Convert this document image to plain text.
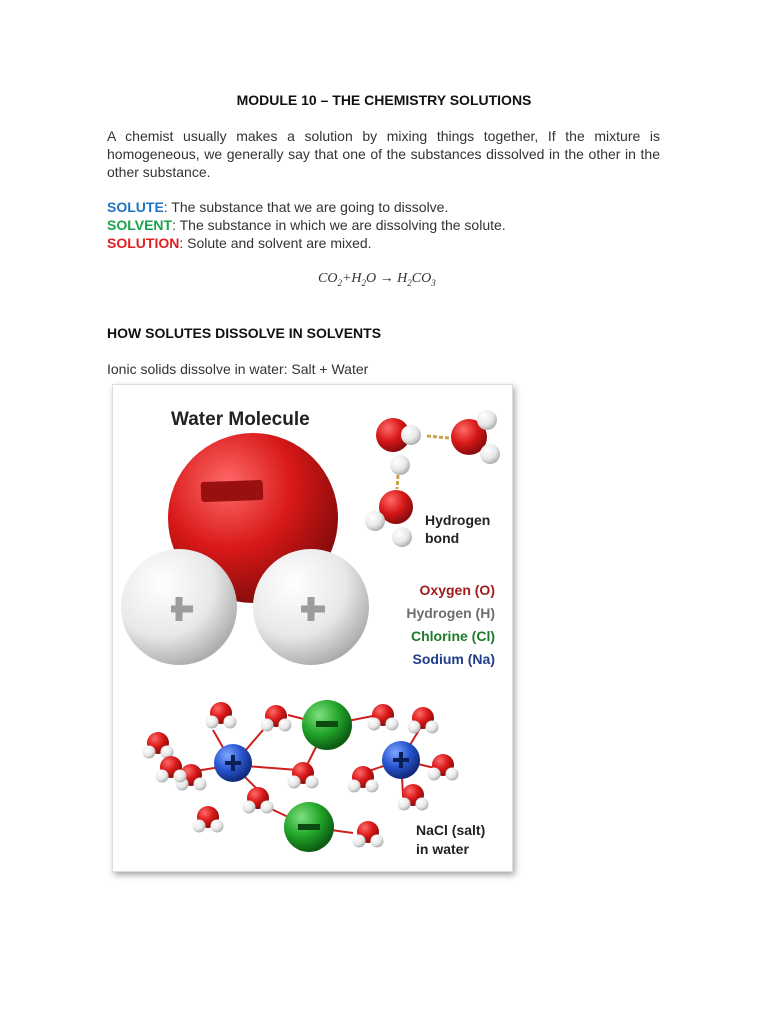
MODULE 10 – THE CHEMISTRY SOLUTIONS
A chemist usually makes a solution by mixing things together, If the mixture is homogeneous, we generally say that one of the substances dissolved in the other in the other substance.
SOLUTE: The substance that we are going to dissolve.
SOLVENT: The substance in which we are dissolving the solute.
SOLUTION: Solute and solvent are mixed.
$CO_2+H_2O \to H_2CO_3$
HOW SOLUTES DISSOLVE IN SOLVENTS
Ionic solids dissolve in water: Salt + Water
Water Molecule
Hydrogen
bond
Oxygen (O)
Hydrogen (H)
Chlorine (Cl)
Sodium (Na)
NaCl (salt)
in water
